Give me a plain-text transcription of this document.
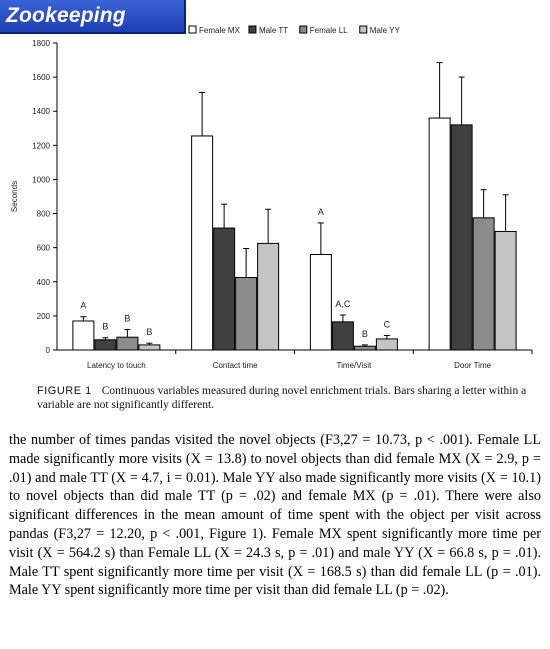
Zookeeping
0
200
400
600
800
1000
1200
1400
1600
1800
Seconds
Latency to touch
A
B
B
B
Contact time	Time/Visit
A
A,C
B
C
Door Time
Female MX Male TT	Female LL	Male YY
FIGURE 1 Continuous variables measured during novel enrichment trials. Bars sharing a letter within a variable are not significantly different.

the number of times pandas visited the novel objects (F3,27 = 10.73, p < .001). Female LL made significantly more visits (X = 13.8) to novel objects than did female MX (X = 2.9, p = .01) and male TT (X = 4.7, i = 0.01). Male YY also made significantly more visits (X = 10.1) to novel objects than did male TT (p = .02) and female MX (p = .01). There were also significant differences in the mean amount of time spent with the object per visit across pandas (F3,27 = 12.20, p < .001, Figure 1). Female MX spent significantly more time per visit (X = 564.2 s) than Female LL (X = 24.3 s, p = .01) and male YY (X = 66.8 s, p = .01). Male TT spent significantly more time per visit (X = 168.5 s) than did female LL (p = .01). Male YY spent significantly more time per visit than did female LL (p = .02).
